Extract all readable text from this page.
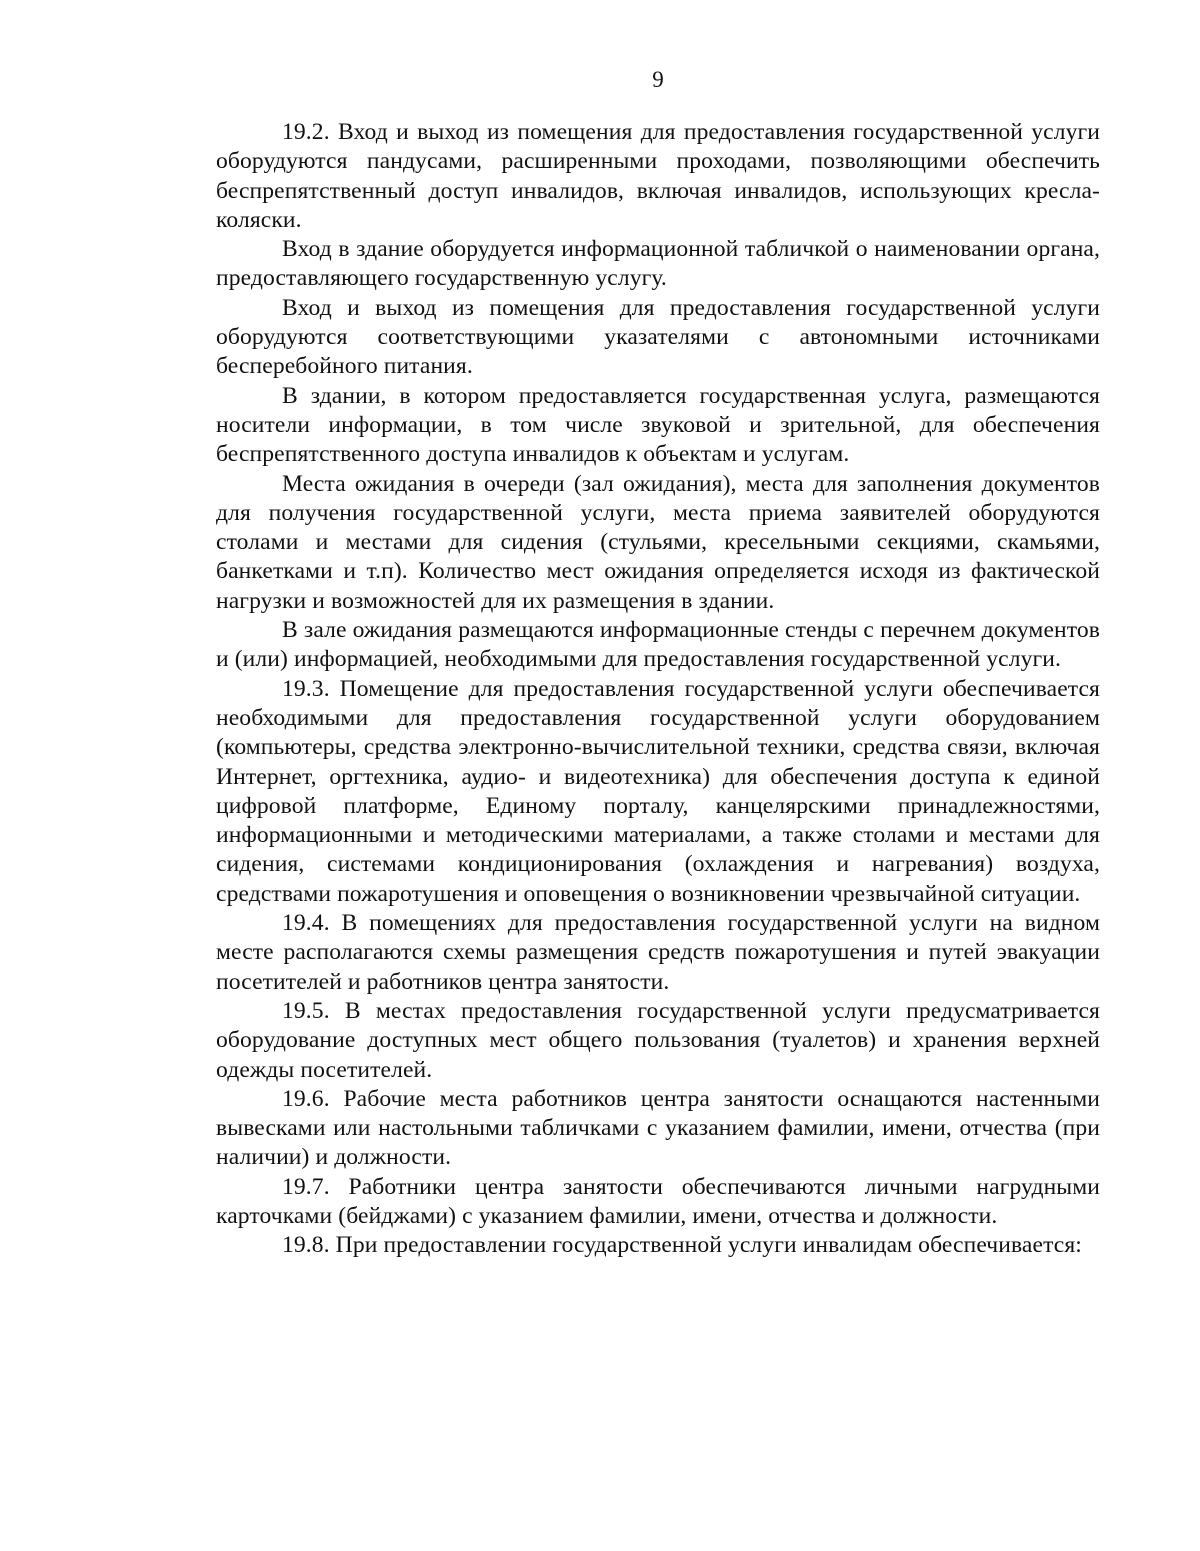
9

19.2. Вход и выход из помещения для предоставления государственной услуги оборудуются пандусами, расширенными проходами, позволяющими обеспечить беспрепятственный доступ инвалидов, включая инвалидов, использующих кресла-коляски.

Вход в здание оборудуется информационной табличкой о наименовании органа, предоставляющего государственную услугу.

Вход и выход из помещения для предоставления государственной услуги оборудуются соответствующими указателями с автономными источниками бесперебойного питания.

В здании, в котором предоставляется государственная услуга, размещаются носители информации, в том числе звуковой и зрительной, для обеспечения беспрепятственного доступа инвалидов к объектам и услугам.

Места ожидания в очереди (зал ожидания), места для заполнения документов для получения государственной услуги, места приема заявителей оборудуются столами и местами для сидения (стульями, кресельными секциями, скамьями, банкетками и т.п). Количество мест ожидания определяется исходя из фактической нагрузки и возможностей для их размещения в здании.

В зале ожидания размещаются информационные стенды с перечнем документов и (или) информацией, необходимыми для предоставления государственной услуги.

19.3. Помещение для предоставления государственной услуги обеспечивается необходимыми для предоставления государственной услуги оборудованием (компьютеры, средства электронно-вычислительной техники, средства связи, включая Интернет, оргтехника, аудио- и видеотехника) для обеспечения доступа к единой цифровой платформе, Единому порталу, канцелярскими принадлежностями, информационными и методическими материалами, а также столами и местами для сидения, системами кондиционирования (охлаждения и нагревания) воздуха, средствами пожаротушения и оповещения о возникновении чрезвычайной ситуации.

19.4. В помещениях для предоставления государственной услуги на видном месте располагаются схемы размещения средств пожаротушения и путей эвакуации посетителей и работников центра занятости.

19.5. В местах предоставления государственной услуги предусматривается оборудование доступных мест общего пользования (туалетов) и хранения верхней одежды посетителей.

19.6. Рабочие места работников центра занятости оснащаются настенными вывесками или настольными табличками с указанием фамилии, имени, отчества (при наличии) и должности.

19.7. Работники центра занятости обеспечиваются личными нагрудными карточками (бейджами) с указанием фамилии, имени, отчества и должности.

19.8. При предоставлении государственной услуги инвалидам обеспечивается:
